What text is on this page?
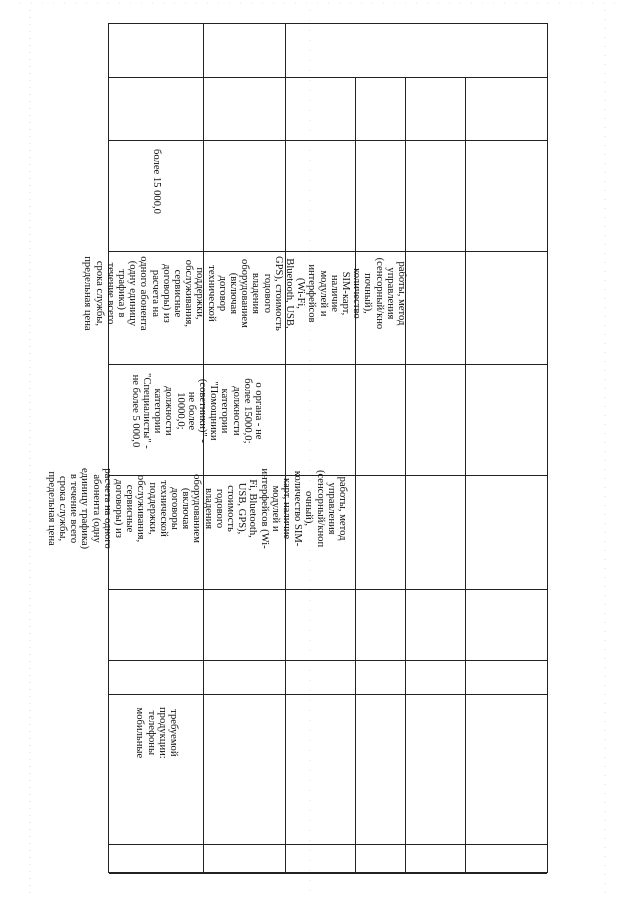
требуемой
продукции:
телефоны
мобильные
работы, метод
управления
(сенсорный/кноп
очный),
количество SIM-
карт, наличие
модулей и
интерфейсов (Wi-
Fi, Bluetooth,
USB, GPS),
стоимость
годового
владения
оборудованием
(включая
договоры
технической
поддержки,
обслуживания,
сервисные
договоры) из
расчета на одного
абонента (одну
единицу трафика)
в течение всего
срока службы,
предельная цена
о органа - не
более 15000,0;
должности
категории
"Помощники
(советники)" -
не более
10000,0;
должности
категории
"Специалисты" -
не более 5 000,0
работы, метод
управления
(сенсорный/кно
почный),
количество
SIM-карт,
наличие
модулей и
интерфейсов
(Wi-Fi,
Bluetooth, USB,
GPS), стоимость
годового
владения
оборудованием
(включая
договор
технической
поддержки,
обслуживания,
сервисные
договоры) из
расчета на
одного абонента
(одну единицу
трафика) в
течение всего
срока службы,
предельная цена
более 15 000,0
